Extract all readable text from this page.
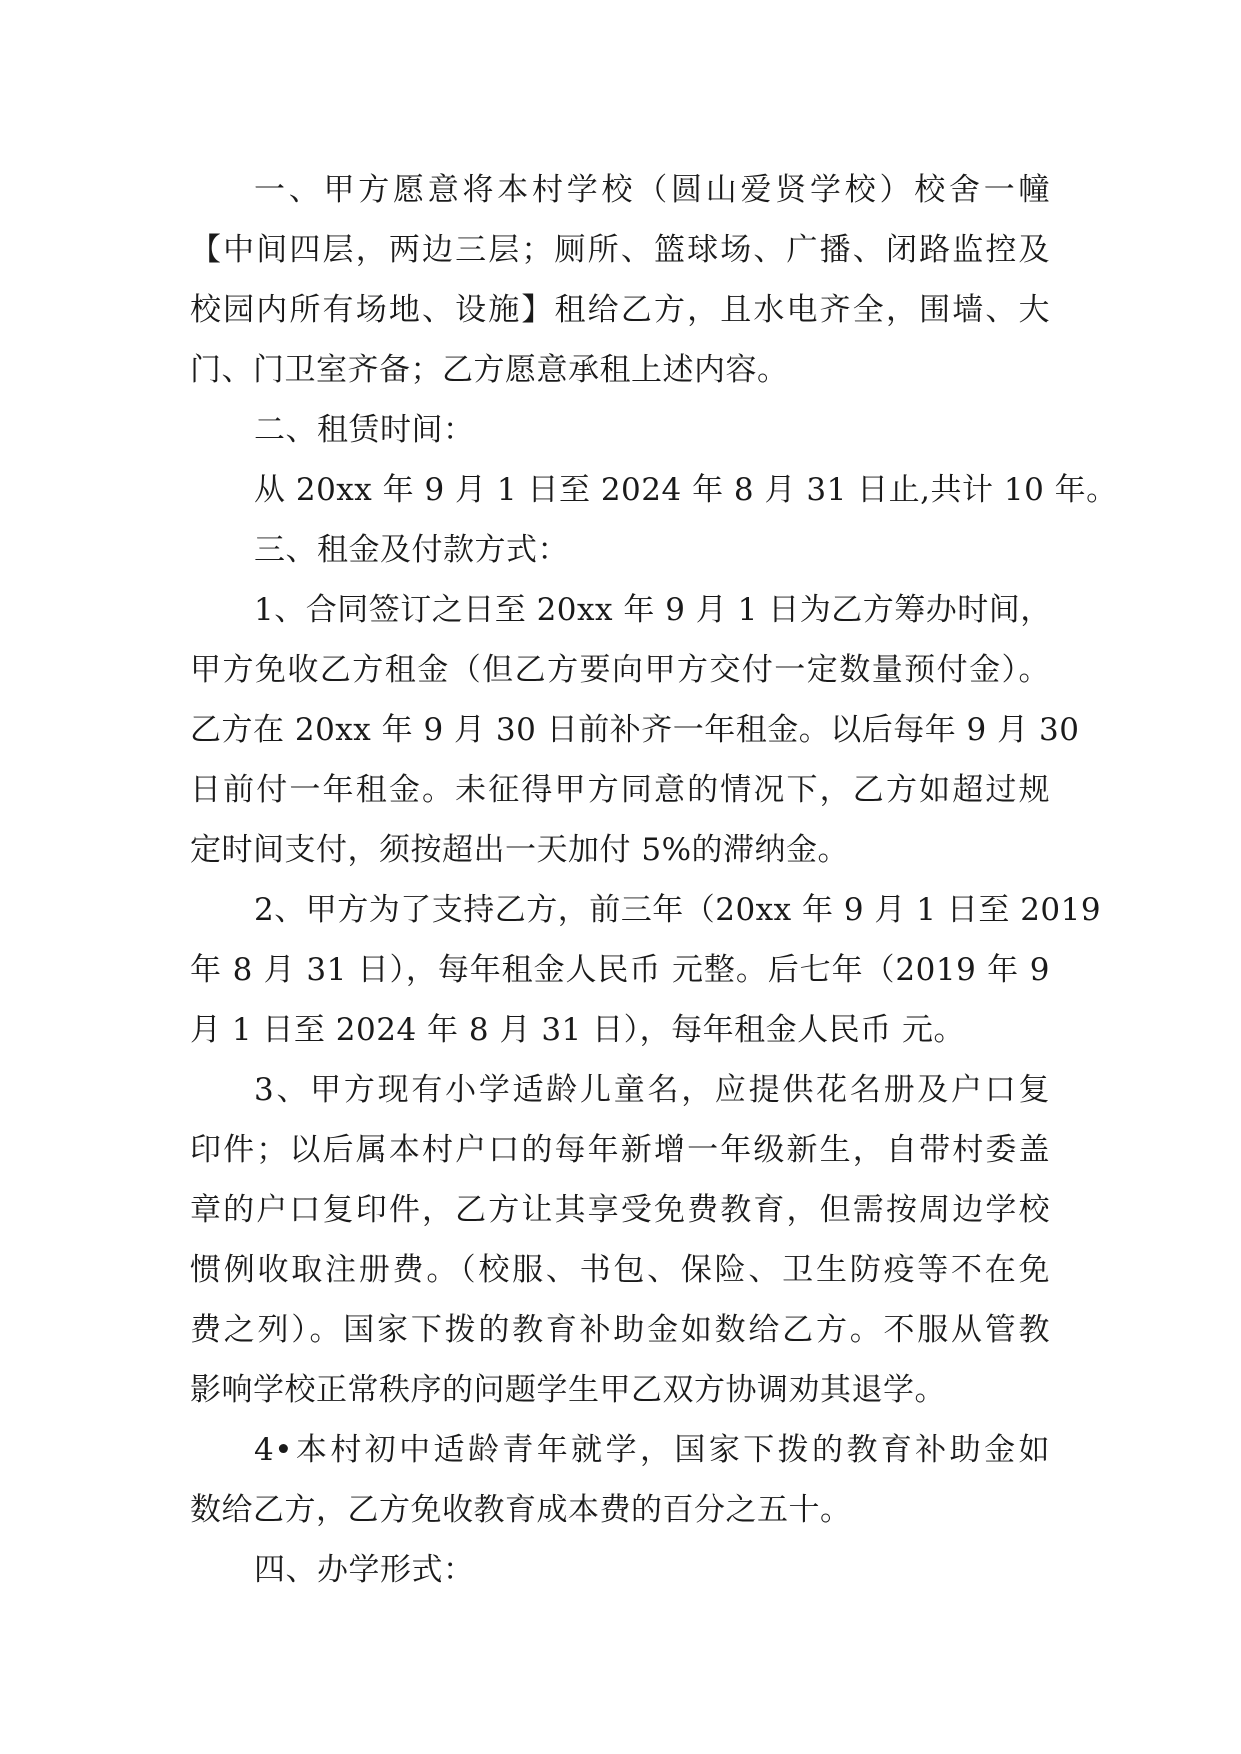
一、甲方愿意将本村学校（圆山爱贤学校）校舍一幢
【中间四层，两边三层；厕所、篮球场、广播、闭路监控及
校园内所有场地、设施】租给乙方，且水电齐全，围墙、大
门、门卫室齐备；乙方愿意承租上述内容。
二、租赁时间：
从 20xx 年 9 月 1 日至 2024 年 8 月 31 日止,共计 10 年。
三、租金及付款方式：
1、合同签订之日至 20xx 年 9 月 1 日为乙方筹办时间，
甲方免收乙方租金（但乙方要向甲方交付一定数量预付金）。
乙方在 20xx 年 9 月 30 日前补齐一年租金。以后每年 9 月 30
日前付一年租金。未征得甲方同意的情况下，乙方如超过规
定时间支付，须按超出一天加付 5%的滞纳金。
2、甲方为了支持乙方，前三年（20xx 年 9 月 1 日至 2019
年 8 月 31 日），每年租金人民币 元整。后七年（2019 年 9
月 1 日至 2024 年 8 月 31 日），每年租金人民币 元。
3、甲方现有小学适龄儿童名，应提供花名册及户口复
印件；以后属本村户口的每年新增一年级新生，自带村委盖
章的户口复印件，乙方让其享受免费教育，但需按周边学校
惯例收取注册费。（校服、书包、保险、卫生防疫等不在免
费之列）。国家下拨的教育补助金如数给乙方。不服从管教
影响学校正常秩序的问题学生甲乙双方协调劝其退学。
4•本村初中适龄青年就学，国家下拨的教育补助金如
数给乙方，乙方免收教育成本费的百分之五十。
四、办学形式：
